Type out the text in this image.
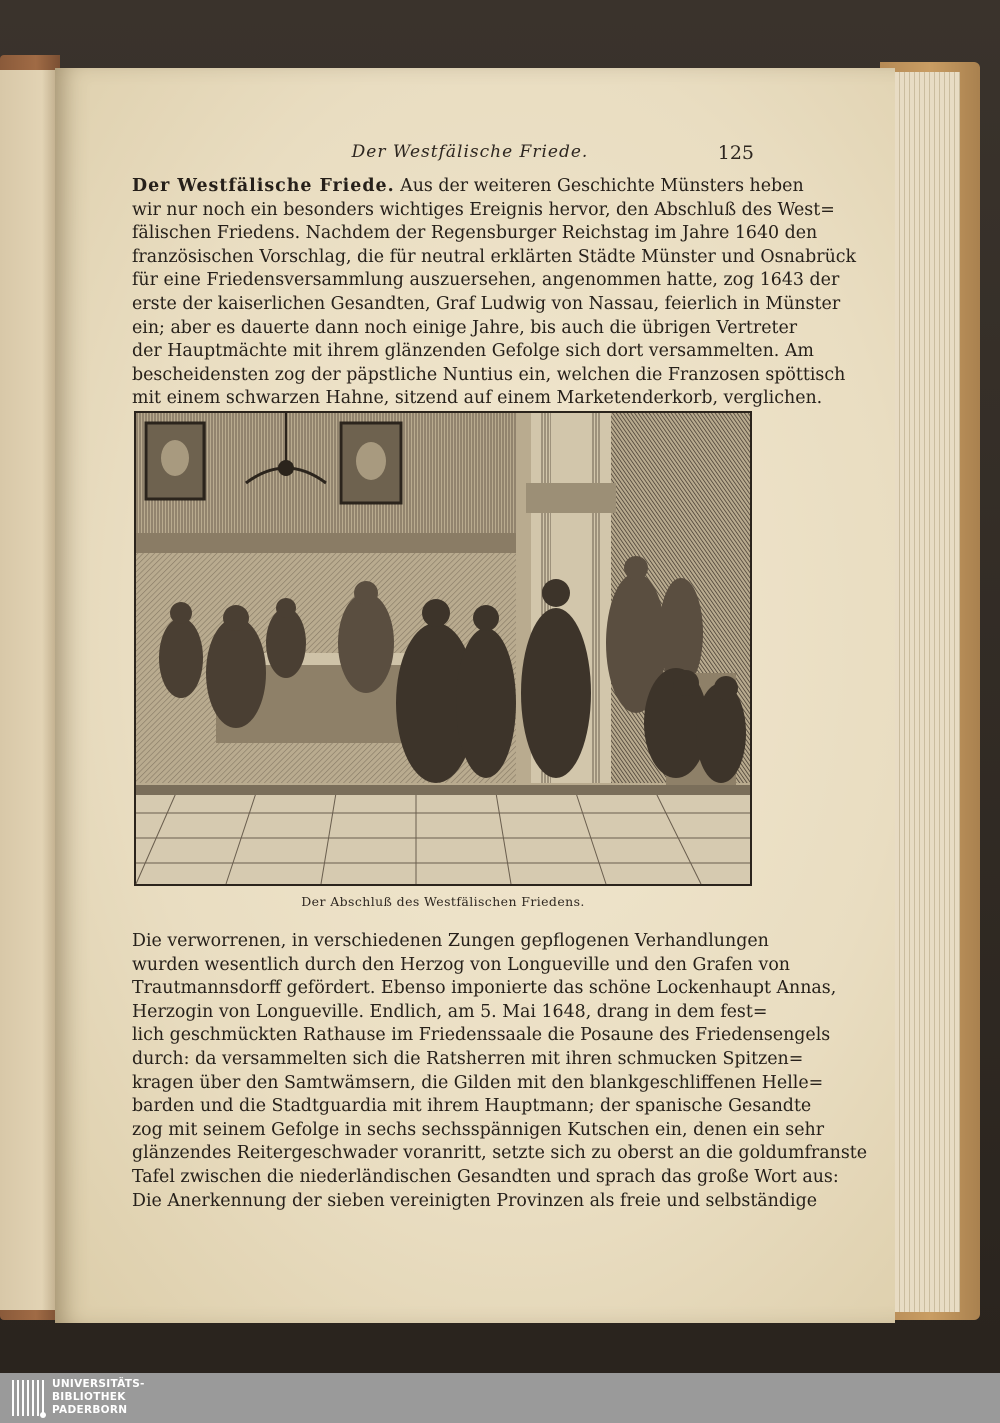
Der Westfälische Friede.	125
Der Westfälische Friede. Aus der weiteren Geschichte Münsters heben
wir nur noch ein besonders wichtiges Ereignis hervor, den Abschluß des West=
fälischen Friedens. Nachdem der Regensburger Reichstag im Jahre 1640 den
französischen Vorschlag, die für neutral erklärten Städte Münster und Osnabrück
für eine Friedensversammlung auszuersehen, angenommen hatte, zog 1643 der
erste der kaiserlichen Gesandten, Graf Ludwig von Nassau, feierlich in Münster
ein; aber es dauerte dann noch einige Jahre, bis auch die übrigen Vertreter
der Hauptmächte mit ihrem glänzenden Gefolge sich dort versammelten. Am
bescheidensten zog der päpstliche Nuntius ein, welchen die Franzosen spöttisch
mit einem schwarzen Hahne, sitzend auf einem Marketenderkorb, verglichen.
Der Abschluß des Westfälischen Friedens.
Die verworrenen, in verschiedenen Zungen gepflogenen Verhandlungen
wurden wesentlich durch den Herzog von Longueville und den Grafen von
Trautmannsdorff gefördert. Ebenso imponierte das schöne Lockenhaupt Annas,
Herzogin von Longueville. Endlich, am 5. Mai 1648, drang in dem fest=
lich geschmückten Rathause im Friedenssaale die Posaune des Friedensengels
durch: da versammelten sich die Ratsherren mit ihren schmucken Spitzen=
kragen über den Samtwämsern, die Gilden mit den blankgeschliffenen Helle=
barden und die Stadtguardia mit ihrem Hauptmann; der spanische Gesandte
zog mit seinem Gefolge in sechs sechsspännigen Kutschen ein, denen ein sehr
glänzendes Reitergeschwader voranritt, setzte sich zu oberst an die goldumfranste
Tafel zwischen die niederländischen Gesandten und sprach das große Wort aus:
Die Anerkennung der sieben vereinigten Provinzen als freie und selbständige
UNIVERSITÄTS-
BIBLIOTHEK
PADERBORN
